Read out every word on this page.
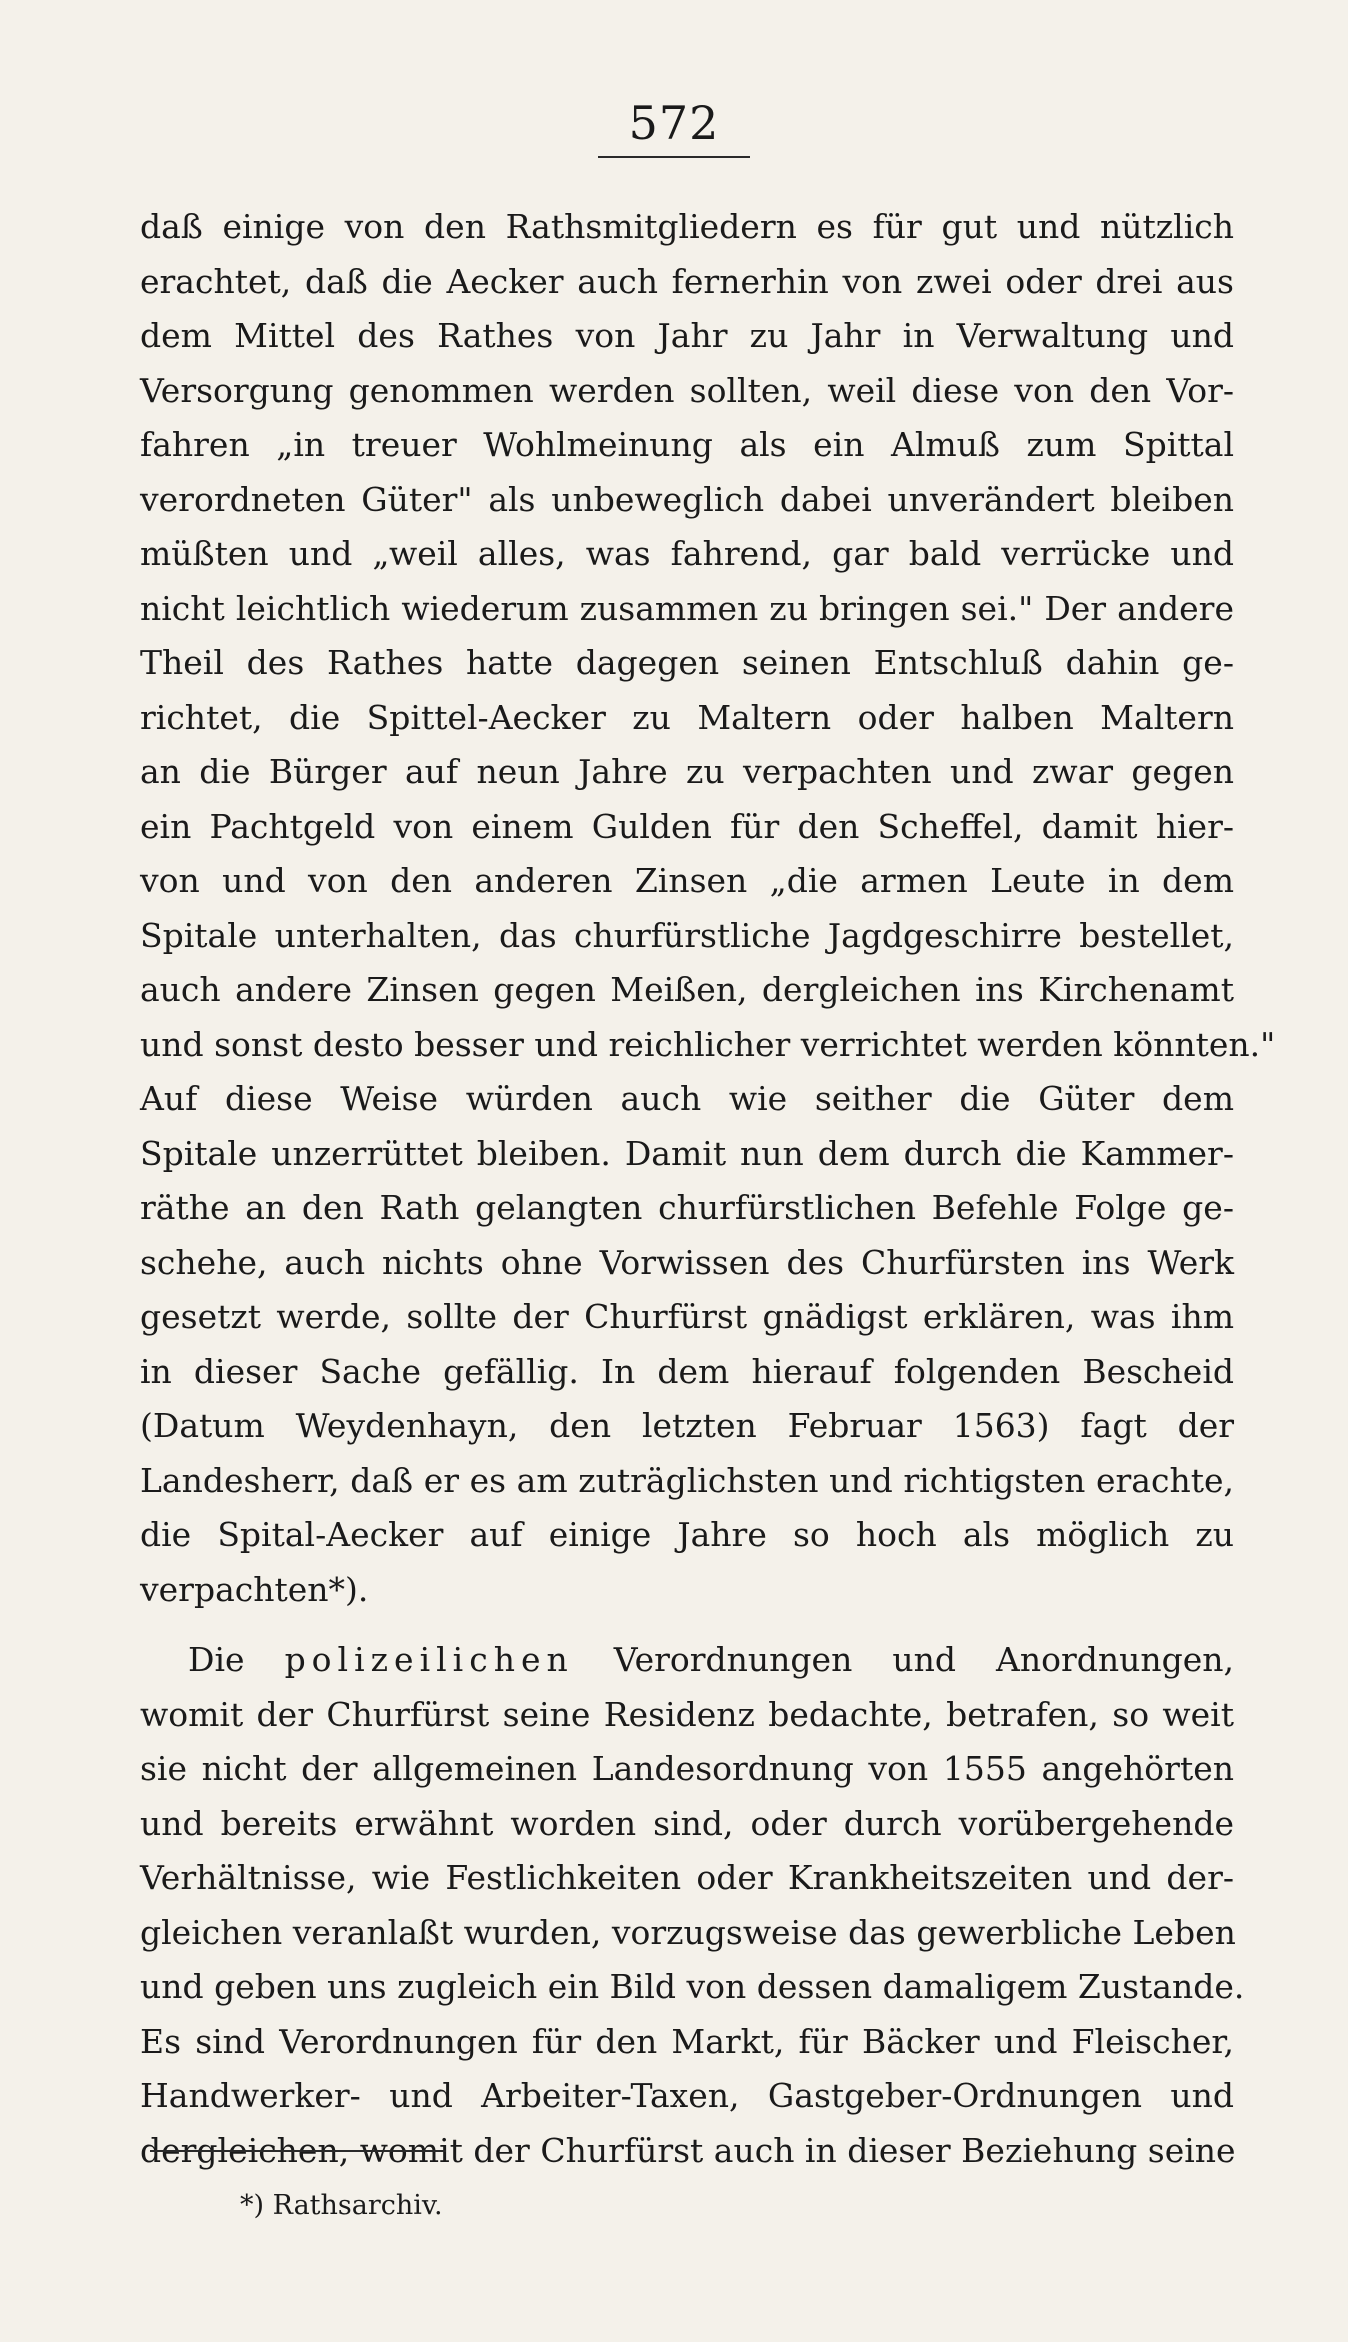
572
daß einige von den Rathsmitgliedern es für gut und nützlich
erachtet, daß die Aecker auch fernerhin von zwei oder drei aus
dem Mittel des Rathes von Jahr zu Jahr in Verwaltung und
Versorgung genommen werden sollten, weil diese von den Vor-
fahren „in treuer Wohlmeinung als ein Almuß zum Spittal
verordneten Güter" als unbeweglich dabei unverändert bleiben
müßten und „weil alles, was fahrend, gar bald verrücke und
nicht leichtlich wiederum zusammen zu bringen sei." Der andere
Theil des Rathes hatte dagegen seinen Entschluß dahin ge-
richtet, die Spittel-Aecker zu Maltern oder halben Maltern
an die Bürger auf neun Jahre zu verpachten und zwar gegen
ein Pachtgeld von einem Gulden für den Scheffel, damit hier-
von und von den anderen Zinsen „die armen Leute in dem
Spitale unterhalten, das churfürstliche Jagdgeschirre bestellet,
auch andere Zinsen gegen Meißen, dergleichen ins Kirchenamt
und sonst desto besser und reichlicher verrichtet werden könnten."
Auf diese Weise würden auch wie seither die Güter dem
Spitale unzerrüttet bleiben. Damit nun dem durch die Kammer-
räthe an den Rath gelangten churfürstlichen Befehle Folge ge-
schehe, auch nichts ohne Vorwissen des Churfürsten ins Werk
gesetzt werde, sollte der Churfürst gnädigst erklären, was ihm
in dieser Sache gefällig. In dem hierauf folgenden Bescheid
(Datum Weydenhayn, den letzten Februar 1563) fagt der
Landesherr, daß er es am zuträglichsten und richtigsten erachte,
die Spital-Aecker auf einige Jahre so hoch als möglich zu
verpachten*).
Die polizeilichen Verordnungen und Anordnungen,
womit der Churfürst seine Residenz bedachte, betrafen, so weit
sie nicht der allgemeinen Landesordnung von 1555 angehörten
und bereits erwähnt worden sind, oder durch vorübergehende
Verhältnisse, wie Festlichkeiten oder Krankheitszeiten und der-
gleichen veranlaßt wurden, vorzugsweise das gewerbliche Leben
und geben uns zugleich ein Bild von dessen damaligem Zustande.
Es sind Verordnungen für den Markt, für Bäcker und Fleischer,
Handwerker- und Arbeiter-Taxen, Gastgeber-Ordnungen und
dergleichen, womit der Churfürst auch in dieser Beziehung seine
*) Rathsarchiv.
